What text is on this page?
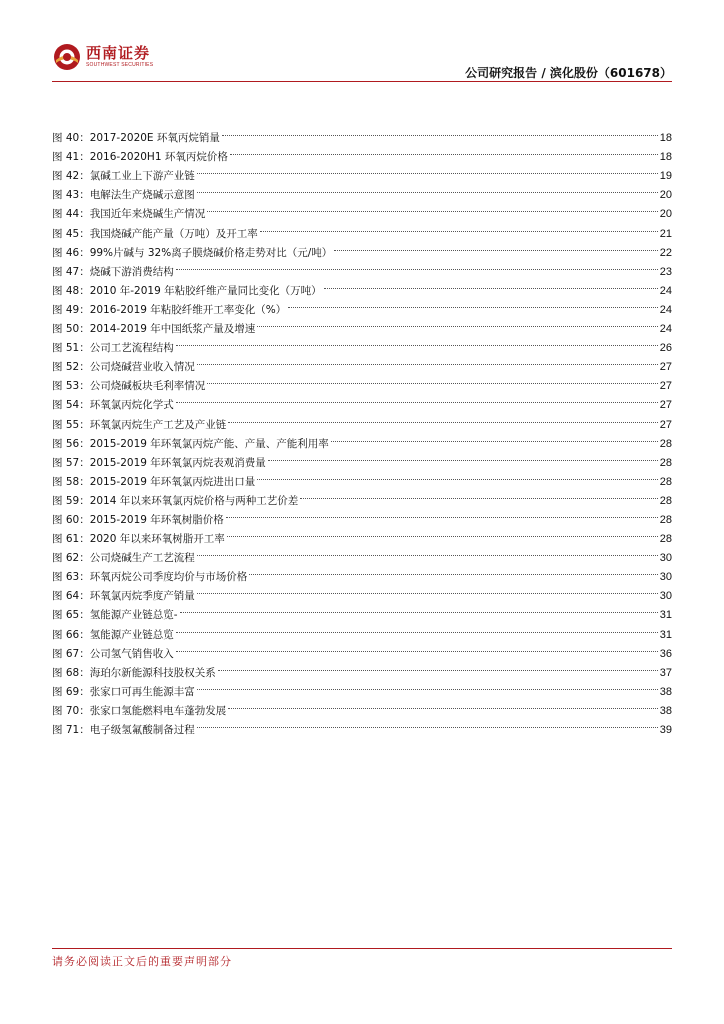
西南证券
SOUTHWEST SECURITIES
公司研究报告 / 滨化股份（601678）
图 40：2017-2020E 环氧丙烷销量	18
图 41：2016-2020H1 环氧丙烷价格	18
图 42：氯碱工业上下游产业链	19
图 43：电解法生产烧碱示意图	20
图 44：我国近年来烧碱生产情况	20
图 45：我国烧碱产能产量（万吨）及开工率	21
图 46：99%片碱与 32%离子膜烧碱价格走势对比（元/吨）	22
图 47：烧碱下游消费结构	23
图 48：2010 年-2019 年粘胶纤维产量同比变化（万吨）	24
图 49：2016-2019 年粘胶纤维开工率变化（%）	24
图 50：2014-2019 年中国纸浆产量及增速	24
图 51：公司工艺流程结构	26
图 52：公司烧碱营业收入情况	27
图 53：公司烧碱板块毛利率情况	27
图 54：环氧氯丙烷化学式	27
图 55：环氧氯丙烷生产工艺及产业链	27
图 56：2015-2019 年环氧氯丙烷产能、产量、产能利用率	28
图 57：2015-2019 年环氧氯丙烷表观消费量	28
图 58：2015-2019 年环氧氯丙烷进出口量	28
图 59：2014 年以来环氧氯丙烷价格与两种工艺价差	28
图 60：2015-2019 年环氧树脂价格	28
图 61：2020 年以来环氧树脂开工率	28
图 62：公司烧碱生产工艺流程	30
图 63：环氧丙烷公司季度均价与市场价格	30
图 64：环氧氯丙烷季度产销量	30
图 65：氢能源产业链总览-	31
图 66：氢能源产业链总览	31
图 67：公司氢气销售收入	36
图 68：海珀尔新能源科技股权关系	37
图 69：张家口可再生能源丰富	38
图 70：张家口氢能燃料电车蓬勃发展	38
图 71：电子级氢氟酸制备过程	39
请务必阅读正文后的重要声明部分
